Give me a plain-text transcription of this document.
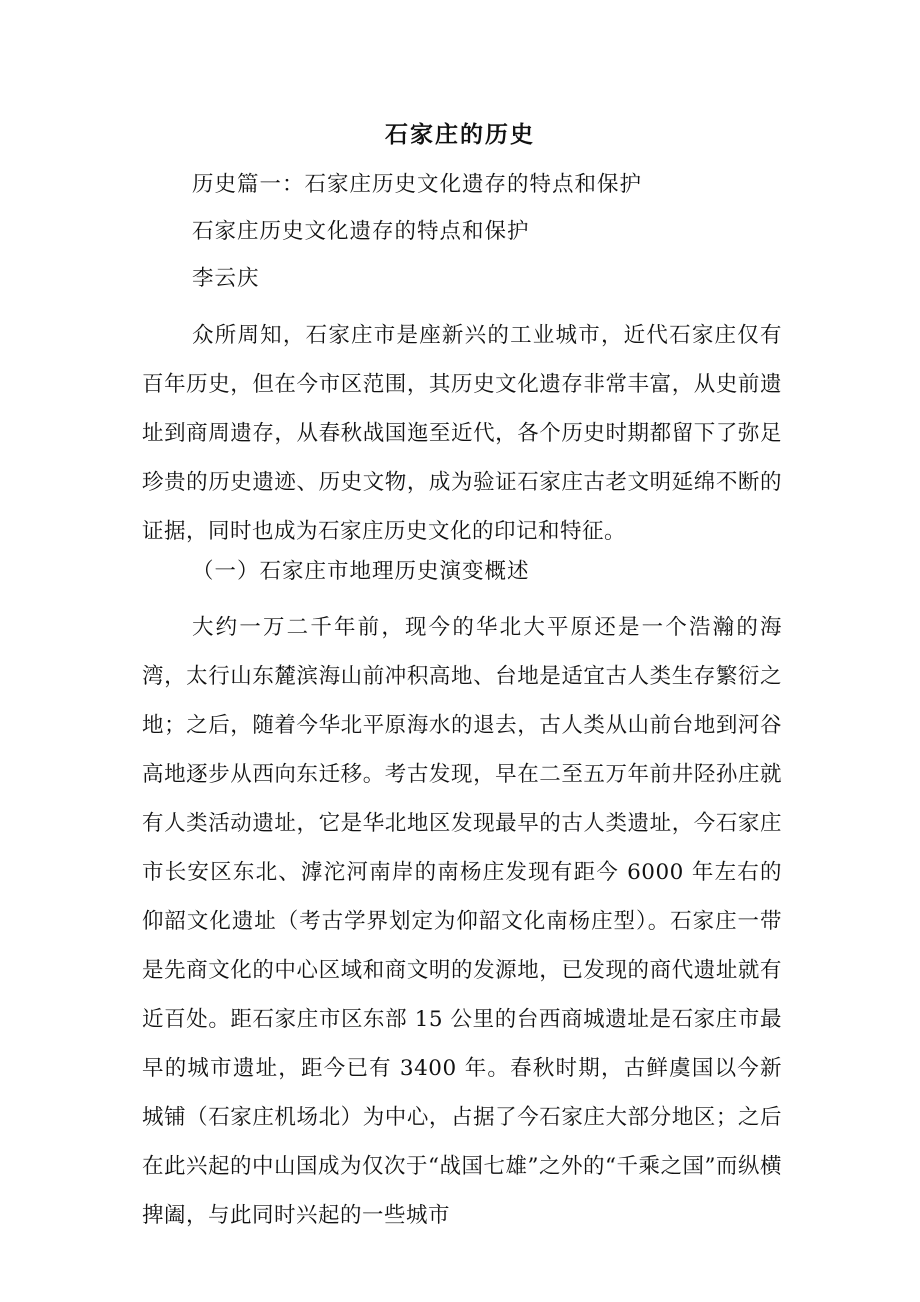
石家庄的历史
历史篇一：石家庄历史文化遗存的特点和保护
石家庄历史文化遗存的特点和保护
李云庆

众所周知，石家庄市是座新兴的工业城市，近代石家庄仅有百年历史，但在今市区范围，其历史文化遗存非常丰富，从史前遗址到商周遗存，从春秋战国迤至近代，各个历史时期都留下了弥足珍贵的历史遗迹、历史文物，成为验证石家庄古老文明延绵不断的证据，同时也成为石家庄历史文化的印记和特征。

（一）石家庄市地理历史演变概述

大约一万二千年前，现今的华北大平原还是一个浩瀚的海湾，太行山东麓滨海山前冲积高地、台地是适宜古人类生存繁衍之地；之后，随着今华北平原海水的退去，古人类从山前台地到河谷高地逐步从西向东迁移。考古发现，早在二至五万年前井陉孙庄就有人类活动遗址，它是华北地区发现最早的古人类遗址，今石家庄市长安区东北、滹沱河南岸的南杨庄发现有距今 6000 年左右的仰韶文化遗址（考古学界划定为仰韶文化南杨庄型）。石家庄一带是先商文化的中心区域和商文明的发源地，已发现的商代遗址就有近百处。距石家庄市区东部 15 公里的台西商城遗址是石家庄市最早的城市遗址，距今已有 3400 年。春秋时期，古鲜虞国以今新城铺（石家庄机场北）为中心，占据了今石家庄大部分地区；之后在此兴起的中山国成为仅次于“战国七雄”之外的“千乘之国”而纵横捭阖，与此同时兴起的一些城市
